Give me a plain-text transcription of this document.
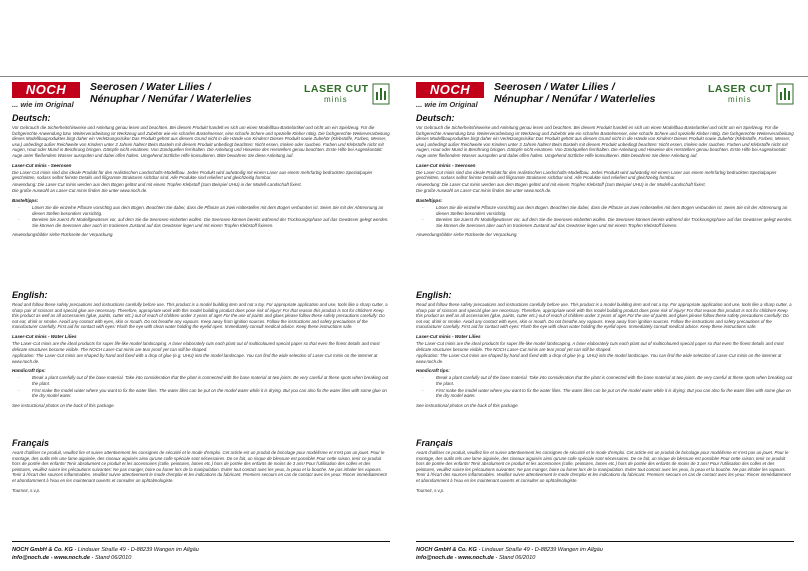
NOCH
... wie im Original
Seerosen / Water Lilies /
Nénuphar / Nenúfar / Waterlelies
LASER CUT
minis
Deutsch:

Vor Gebrauch die Sicherheitshinweise und Anleitung genau lesen und beachten. Bei diesem Produkt handelt es sich um einen Modellbau-Bastelartikel und nicht um ein Spielzeug. Für die fachgerechte Anwendung bzw. Weiterverarbeitung ist Werkzeug und Zubehör wie ein scharfes Bastelmesser, eine scharfe Schere und spezielle Kleber nötig. Die fachgerechte Weiterverarbeitung dieses Modellbauproduktes birgt daher ein Verletzungsrisiko! Das Produkt gehört aus diesem Grund nicht in die Hände von Kindern! Dieses Produkt sowie Zubehör (Klebstoffe, Farben, Messer, usw.) unbedingt außer Reichweite von Kindern unter 3 Jahren halten! Beim Basteln mit diesem Produkt unbedingt beachten: Nicht essen, trinken oder rauchen. Farben und Klebstoffe nicht mit Augen, Haut oder Mund in Berührung bringen. Dämpfe nicht einatmen. Von Zündquellen fernhalten. Die Anleitung und Hinweise des Herstellers genau beachten. Erste Hilfe bei Augenkontakt: Auge unter fließendem Wasser ausspülen und dabei offen halten. Umgehend ärztliche Hilfe konsultieren. Bitte bewahren Sie diese Anleitung auf.

Laser-Cut minis - Seerosen

Die Laser-Cut minis sind das ideale Produkt für den realistischen Landschafts-Modellbau. Jedes Produkt wird aufwändig mit einem Laser aus einem mehrfarbig bedruckten Spezialpapier geschnitten, sodass selbst feinste Details und filigranste Strukturen sichtbar sind. Alle Produkte sind reliefiert und gleichzeitig formbar.

Anwendung: Die Laser-Cut minis werden aus dem Bogen gelöst und mit einem Tropfen Klebstoff (zum Beispiel UHU) in der Modell-Landschaft fixiert.

Die große Auswahl an Laser-Cut minis finden Sie unter www.noch.de.

Basteltipps:
-	Lösen Sie die einzelne Pflanze vorsichtig aus dem Bogen. Beachten Sie dabei, dass die Pflanze an zwei Haltestellen mit dem Bogen verbunden ist. Seien Sie mit der Abtrennung an diesen Stellen besonders vorsichtig.
-	Bereiten Sie zuerst Ihr Modellgewässer vor, auf dem Sie die Seerosen einbetten wollen. Die Seerosen können bereits während der Trocknungsphase auf das Gewässer gelegt werden. Sie können die Seerosen aber auch im trockenen Zustand auf das Gewässer legen und mit einem Tropfen Klebstoff fixieren.

Anwendungsbilder siehe Rückseite der Verpackung.

English:

Read and follow these safety precautions and instructions carefully before use. This product is a model building item and not a toy. For appropriate application and use, tools like a sharp cutter, a sharp pair of scissors and special glue are necessary. Therefore, appropriate work with this model building product does pose risk of injury! For that reason this product is not for children! Keep this product as well as all accessories (glue, paints, cutter etc.) out of reach of children under 3 years of age! For the use of paints and glues please follow these safety precautions carefully: Do not eat, drink or smoke. Avoid any contact with eyes, skin or mouth. Do not breathe any vapours. Keep away from ignition sources. Follow the instructions and safety precautions of the manufacturer carefully. First aid for contact with eyes: Flush the eye with clean water holding the eyelid open. Immediately consult medical advice. Keep these instructions safe.

Laser-Cut minis - Water Lilies

The Laser-Cut minis are the ideal products for super life-like model landscaping. A laser elaborately cuts each plant out of multicoloured special paper so that even the finest details and most delicate structures become visible. The NOCH Laser-Cut minis are tear proof yet can still be shaped.

Application: The Laser-Cut minis are shaped by hand and fixed with a drop of glue (e.g. UHU) into the model landscape. You can find the wide selection of Laser-Cut minis on the internet at www.noch.de.

Handicraft tips:
-	Break a plant carefully out of the base material. Take into consideration that the plant is connected with the base material at two joints. Be very careful at these spots when breaking out the plant.
-	First make the model water where you want to fix the water lilies. The water lilies can be put on the model water while it is drying. But you can also fix the water lilies with some glue on the dry model water.

See instructional photos on the back of this package.

Français

Avant d'utiliser ce produit, veuillez lire et suivre attentivement les consignes de sécurité et le mode d'emploi. Cet article est un produit de bricolage pour modélisme et n'est pas un jouet. Pour le montage, des outils tels une lame aiguisée, des ciseaux aiguisés ainsi qu'une colle spéciale sont nécessaires. De ce fait, un risque de blessure est possible! Pour cette raison, tenir ce produit hors de portée des enfants! Tenir absolument ce produit et les accessoires (colle, peintures, lames etc.) hors de portée des enfants de moins de 3 ans! Pour l'utilisation des colles et des peintures, veuillez suivre les précautions suivantes: Ne pas manger, boire ou fumer lors de la manipulation. Eviter tout contact avec les yeux, la peau et la bouche. Ne pas inhaler les vapeurs. Tenir à l'écart des sources inflammables. Veuillez suivre attentivement le mode d'emploi et les indications du fabricant. Premiers secours en cas de contact avec les yeux: Rincer immédiatement et abondamment à l'eau en les maintenant ouverts et consulter un ophtalmologiste.

Tournez, s.v.p.

NOCH GmbH & Co. KG - Lindauer Straße 49 - D-88239 Wangen im Allgäu
info@noch.de - www.noch.de - Stand 06/2010
NOCH
... wie im Original
Seerosen / Water Lilies /
Nénuphar / Nenúfar / Waterlelies
LASER CUT
minis
Deutsch:

Vor Gebrauch die Sicherheitshinweise und Anleitung genau lesen und beachten. Bei diesem Produkt handelt es sich um einen Modellbau-Bastelartikel und nicht um ein Spielzeug. Für die fachgerechte Anwendung bzw. Weiterverarbeitung ist Werkzeug und Zubehör wie ein scharfes Bastelmesser, eine scharfe Schere und spezielle Kleber nötig. Die fachgerechte Weiterverarbeitung dieses Modellbauproduktes birgt daher ein Verletzungsrisiko! Das Produkt gehört aus diesem Grund nicht in die Hände von Kindern! Dieses Produkt sowie Zubehör (Klebstoffe, Farben, Messer, usw.) unbedingt außer Reichweite von Kindern unter 3 Jahren halten! Beim Basteln mit diesem Produkt unbedingt beachten: Nicht essen, trinken oder rauchen. Farben und Klebstoffe nicht mit Augen, Haut oder Mund in Berührung bringen. Dämpfe nicht einatmen. Von Zündquellen fernhalten. Die Anleitung und Hinweise des Herstellers genau beachten. Erste Hilfe bei Augenkontakt: Auge unter fließendem Wasser ausspülen und dabei offen halten. Umgehend ärztliche Hilfe konsultieren. Bitte bewahren Sie diese Anleitung auf.

Laser-Cut minis - Seerosen

Die Laser-Cut minis sind das ideale Produkt für den realistischen Landschafts-Modellbau. Jedes Produkt wird aufwändig mit einem Laser aus einem mehrfarbig bedruckten Spezialpapier geschnitten, sodass selbst feinste Details und filigranste Strukturen sichtbar sind. Alle Produkte sind reliefiert und gleichzeitig formbar.

Anwendung: Die Laser-Cut minis werden aus dem Bogen gelöst und mit einem Tropfen Klebstoff (zum Beispiel UHU) in der Modell-Landschaft fixiert.

Die große Auswahl an Laser-Cut minis finden Sie unter www.noch.de.

Basteltipps:
-	Lösen Sie die einzelne Pflanze vorsichtig aus dem Bogen. Beachten Sie dabei, dass die Pflanze an zwei Haltestellen mit dem Bogen verbunden ist. Seien Sie mit der Abtrennung an diesen Stellen besonders vorsichtig.
-	Bereiten Sie zuerst Ihr Modellgewässer vor, auf dem Sie die Seerosen einbetten wollen. Die Seerosen können bereits während der Trocknungsphase auf das Gewässer gelegt werden. Sie können die Seerosen aber auch im trockenen Zustand auf das Gewässer legen und mit einem Tropfen Klebstoff fixieren.

Anwendungsbilder siehe Rückseite der Verpackung.

English:

Read and follow these safety precautions and instructions carefully before use. This product is a model building item and not a toy. For appropriate application and use, tools like a sharp cutter, a sharp pair of scissors and special glue are necessary. Therefore, appropriate work with this model building product does pose risk of injury! For that reason this product is not for children! Keep this product as well as all accessories (glue, paints, cutter etc.) out of reach of children under 3 years of age! For the use of paints and glues please follow these safety precautions carefully: Do not eat, drink or smoke. Avoid any contact with eyes, skin or mouth. Do not breathe any vapours. Keep away from ignition sources. Follow the instructions and safety precautions of the manufacturer carefully. First aid for contact with eyes: Flush the eye with clean water holding the eyelid open. Immediately consult medical advice. Keep these instructions safe.

Laser-Cut minis - Water Lilies

The Laser-Cut minis are the ideal products for super life-like model landscaping. A laser elaborately cuts each plant out of multicoloured special paper so that even the finest details and most delicate structures become visible. The NOCH Laser-Cut minis are tear proof yet can still be shaped.

Application: The Laser-Cut minis are shaped by hand and fixed with a drop of glue (e.g. UHU) into the model landscape. You can find the wide selection of Laser-Cut minis on the internet at www.noch.de.

Handicraft tips:
-	Break a plant carefully out of the base material. Take into consideration that the plant is connected with the base material at two joints. Be very careful at these spots when breaking out the plant.
-	First make the model water where you want to fix the water lilies. The water lilies can be put on the model water while it is drying. But you can also fix the water lilies with some glue on the dry model water.

See instructional photos on the back of this package.

Français

Avant d'utiliser ce produit, veuillez lire et suivre attentivement les consignes de sécurité et le mode d'emploi. Cet article est un produit de bricolage pour modélisme et n'est pas un jouet. Pour le montage, des outils tels une lame aiguisée, des ciseaux aiguisés ainsi qu'une colle spéciale sont nécessaires. De ce fait, un risque de blessure est possible! Pour cette raison, tenir ce produit hors de portée des enfants! Tenir absolument ce produit et les accessoires (colle, peintures, lames etc.) hors de portée des enfants de moins de 3 ans! Pour l'utilisation des colles et des peintures, veuillez suivre les précautions suivantes: Ne pas manger, boire ou fumer lors de la manipulation. Eviter tout contact avec les yeux, la peau et la bouche. Ne pas inhaler les vapeurs. Tenir à l'écart des sources inflammables. Veuillez suivre attentivement le mode d'emploi et les indications du fabricant. Premiers secours en cas de contact avec les yeux: Rincer immédiatement et abondamment à l'eau en les maintenant ouverts et consulter un ophtalmologiste.

Tournez, s.v.p.

NOCH GmbH & Co. KG - Lindauer Straße 49 - D-88239 Wangen im Allgäu
info@noch.de - www.noch.de - Stand 06/2010
